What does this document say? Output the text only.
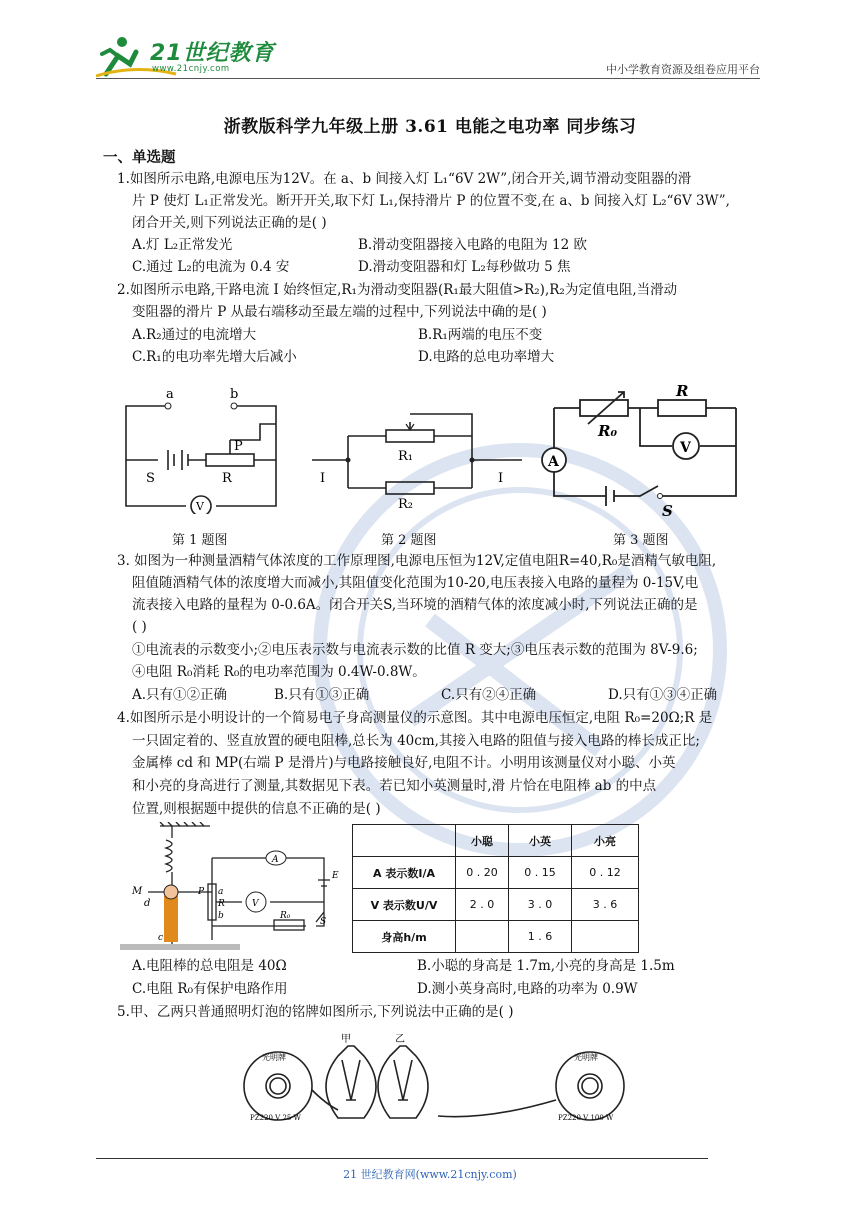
21世纪教育
www.21cnjy.com	中小学教育资源及组卷应用平台
浙教版科学九年级上册 3.61 电能之电功率 同步练习
一、单选题
1.如图所示电路,电源电压为12V。在 a、b 间接入灯 L₁“6V 2W”,闭合开关,调节滑动变阻器的滑
片 P 使灯 L₁正常发光。断开开关,取下灯 L₁,保持滑片 P 的位置不变,在 a、b 间接入灯 L₂“6V 3W”,
闭合开关,则下列说法正确的是( )
A.灯 L₂正常发光	B.滑动变阻器接入电路的电阻为 12 欧
C.通过 L₂的电流为 0.4 安	D.滑动变阻器和灯 L₂每秒做功 5 焦
2.如图所示电路,干路电流 I 始终恒定,R₁为滑动变阻器(R₁最大阻值>R₂),R₂为定值电阻,当滑动
变阻器的滑片 P 从最右端移动至最左端的过程中,下列说法中确的是( )
A.R₂通过的电流增大	B.R₁两端的电压不变
C.R₁的电功率先增大后减小	D.电路的总电功率增大
a	b
S	R
P
V
第 1 题图
I	I
R₁
R₂
第 2 题图
R
R₀
A
V
S
第 3 题图
3. 如图为一种测量酒精气体浓度的工作原理图,电源电压恒为12V,定值电阻R=40,R₀是酒精气敏电阻,
阻值随酒精气体的浓度增大而减小,其阻值变化范围为10-20,电压表接入电路的量程为 0-15V,电
流表接入电路的量程为 0-0.6A。闭合开关S,当环境的酒精气体的浓度减小时,下列说法正确的是
( )
①电流表的示数变小;②电压表示数与电流表示数的比值 R 变大;③电压表示数的范围为 8V-9.6;
④电阻 R₀消耗 R₀的电功率范围为 0.4W-0.8W。
A.只有①②正确	B.只有①③正确	C.只有②④正确	D.只有①③④正确
4.如图所示是小明设计的一个简易电子身高测量仪的示意图。其中电源电压恒定,电阻 R₀=20Ω;R 是
一只固定着的、竖直放置的硬电阻棒,总长为 40cm,其接入电路的阻值与接入电路的棒长成正比;
金属棒 cd 和 MP(右端 P 是滑片)与电路接触良好,电阻不计。小明用该测量仪对小聪、小英
和小亮的身高进行了测量,其数据见下表。若已知小英测量时,滑 片恰在电阻棒 ab 的中点
位置,则根据题中提供的信息不正确的是( )
M
d
P a
R
b
c
A
V
E
S
R₀
	小聪	小英	小亮
A 表示数I/A	0 . 20	0 . 15	0 . 12
V 表示数U/V	2 . 0	3 . 0	3 . 6
身高h/m		1 . 6	
A.电阻棒的总电阻是 40Ω	B.小聪的身高是 1.7m,小亮的身高是 1.5m
C.电阻 R₀有保护电路作用	D.测小英身高时,电路的功率为 0.9W
5.甲、乙两只普通照明灯泡的铭牌如图所示,下列说法中正确的是( )
甲	乙
光明牌
PZ220 V 25 W
光明牌
PZ220 V 100 W
21 世纪教育网(www.21cnjy.com)
